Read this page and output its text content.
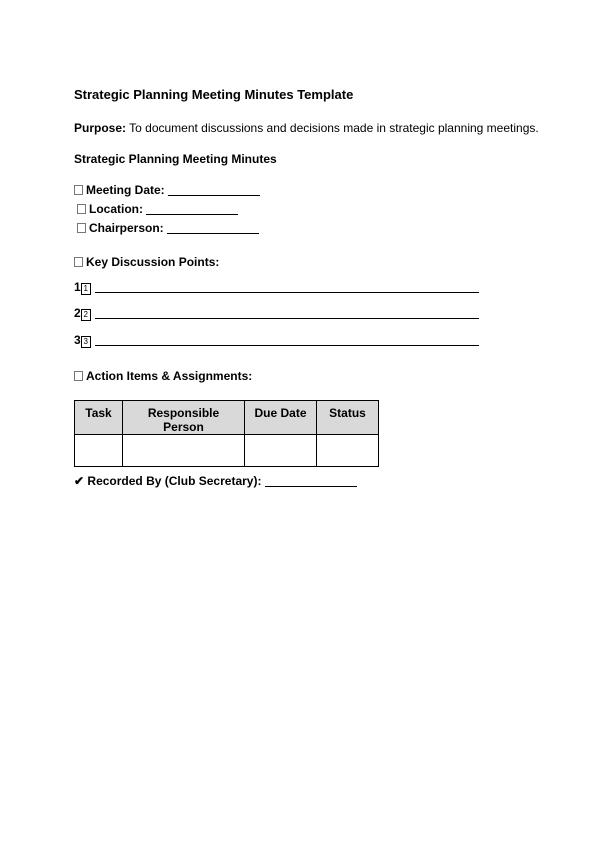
Strategic Planning Meeting Minutes Template
Purpose: To document discussions and decisions made in strategic planning meetings.
Strategic Planning Meeting Minutes
Meeting Date:
Location:
Chairperson:
Key Discussion Points:
1 1
2 2
3 3
Action Items & Assignments:
Task	Responsible Person	Due Date	Status

✔ Recorded By (Club Secretary):
